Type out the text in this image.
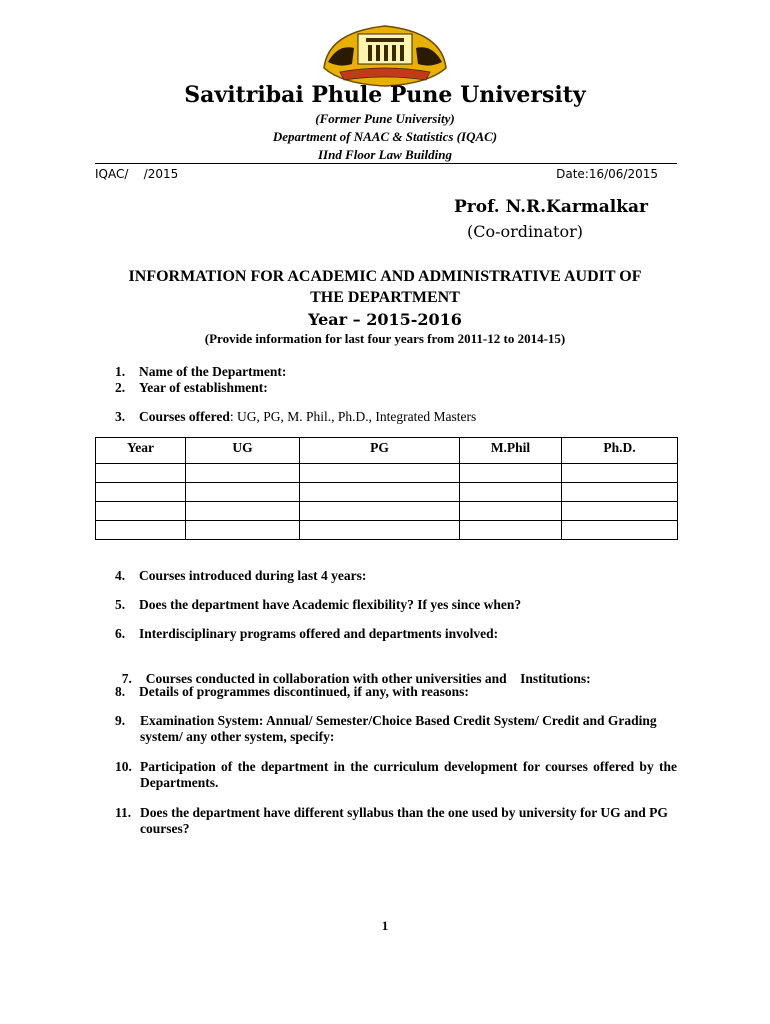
Savitribai Phule Pune University
(Former Pune University)
Department of NAAC & Statistics (IQAC)
IInd Floor Law Building
IQAC/    /2015	Date:16/06/2015
Prof. N.R.Karmalkar
(Co-ordinator)
INFORMATION FOR ACADEMIC AND ADMINISTRATIVE AUDIT OF
THE DEPARTMENT
Year – 2015-2016
(Provide information for last four years from 2011-12 to 2014-15)
1. Name of the Department:
2. Year of establishment:
3. Courses offered: UG, PG, M. Phil., Ph.D., Integrated Masters
Year	UG	PG	M.Phil	Ph.D.

4. Courses introduced during last 4 years:
5. Does the department have Academic flexibility? If yes since when?
6. Interdisciplinary programs offered and departments involved:

7. Courses conducted in collaboration with other universities and    Institutions:

8. Details of programmes discontinued, if any, with reasons:
9. Examination System: Annual/ Semester/Choice Based Credit System/ Credit and Grading system/ any other system, specify:
10. Participation of the department in the curriculum development for courses offered by the Departments.
11. Does the department have different syllabus than the one used by university for UG and PG courses?
1
